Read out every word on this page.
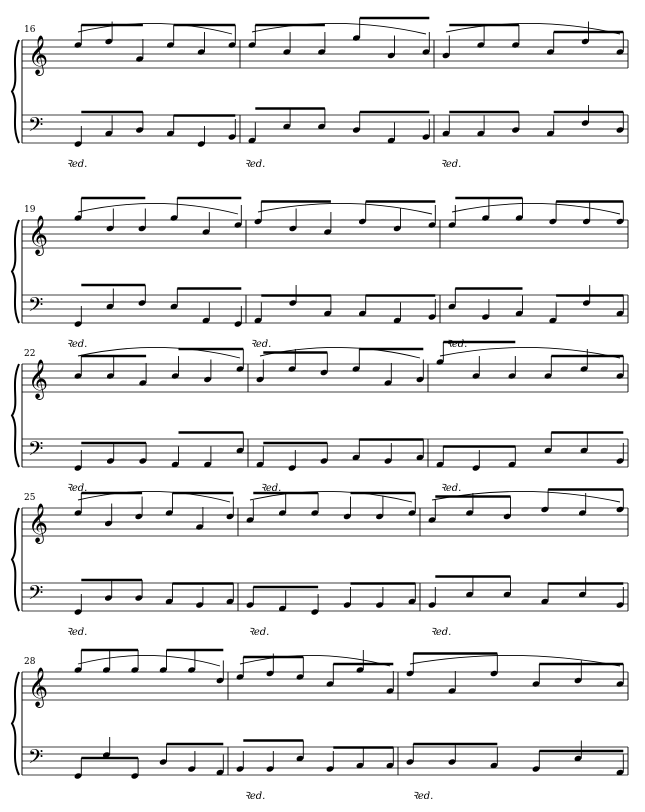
𝄞
𝄢
16
Ꝛed.	Ꝛed.	Ꝛed.
𝄞
𝄢
19
Ꝛed.	Ꝛed.	Ꝛed.
𝄞
𝄢
22
Ꝛed.	Ꝛed.	Ꝛed.
𝄞
𝄢
25
Ꝛed.	Ꝛed.	Ꝛed.
𝄞
𝄢
28
Ꝛed.	Ꝛed.
